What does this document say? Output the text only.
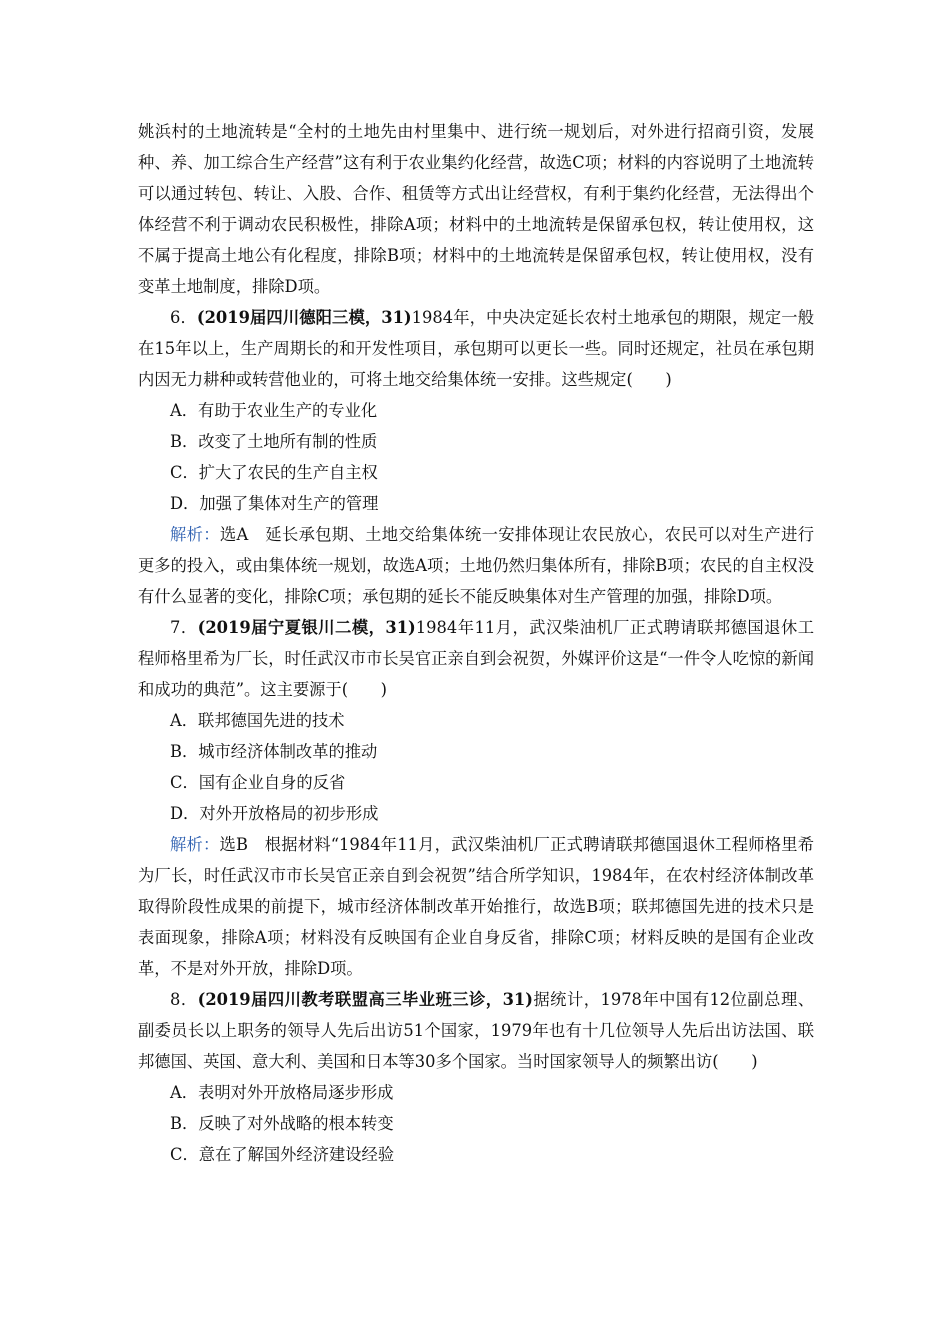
姚浜村的土地流转是“全村的土地先由村里集中、进行统一规划后，对外进行招商引资，发展种、养、加工综合生产经营”这有利于农业集约化经营，故选C项；材料的内容说明了土地流转可以通过转包、转让、入股、合作、租赁等方式出让经营权，有利于集约化经营，无法得出个体经营不利于调动农民积极性，排除A项；材料中的土地流转是保留承包权，转让使用权，这不属于提高土地公有化程度，排除B项；材料中的土地流转是保留承包权，转让使用权，没有变革土地制度，排除D项。

6．(2019届四川德阳三模，31)1984年，中央决定延长农村土地承包的期限，规定一般在15年以上，生产周期长的和开发性项目，承包期可以更长一些。同时还规定，社员在承包期内因无力耕种或转营他业的，可将土地交给集体统一安排。这些规定(　　)

A．有助于农业生产的专业化

B．改变了土地所有制的性质

C．扩大了农民的生产自主权

D．加强了集体对生产的管理

解析：选A　延长承包期、土地交给集体统一安排体现让农民放心，农民可以对生产进行更多的投入，或由集体统一规划，故选A项；土地仍然归集体所有，排除B项；农民的自主权没有什么显著的变化，排除C项；承包期的延长不能反映集体对生产管理的加强，排除D项。

7．(2019届宁夏银川二模，31)1984年11月，武汉柴油机厂正式聘请联邦德国退休工程师格里希为厂长，时任武汉市市长吴官正亲自到会祝贺，外媒评价这是“一件令人吃惊的新闻和成功的典范”。这主要源于(　　)

A．联邦德国先进的技术

B．城市经济体制改革的推动

C．国有企业自身的反省

D．对外开放格局的初步形成

解析：选B　根据材料“1984年11月，武汉柴油机厂正式聘请联邦德国退休工程师格里希为厂长，时任武汉市市长吴官正亲自到会祝贺”结合所学知识，1984年，在农村经济体制改革取得阶段性成果的前提下，城市经济体制改革开始推行，故选B项；联邦德国先进的技术只是表面现象，排除A项；材料没有反映国有企业自身反省，排除C项；材料反映的是国有企业改革，不是对外开放，排除D项。

8．(2019届四川教考联盟高三毕业班三诊，31)据统计，1978年中国有12位副总理、副委员长以上职务的领导人先后出访51个国家，1979年也有十几位领导人先后出访法国、联邦德国、英国、意大利、美国和日本等30多个国家。当时国家领导人的频繁出访(　　)

A．表明对外开放格局逐步形成

B．反映了对外战略的根本转变

C．意在了解国外经济建设经验
